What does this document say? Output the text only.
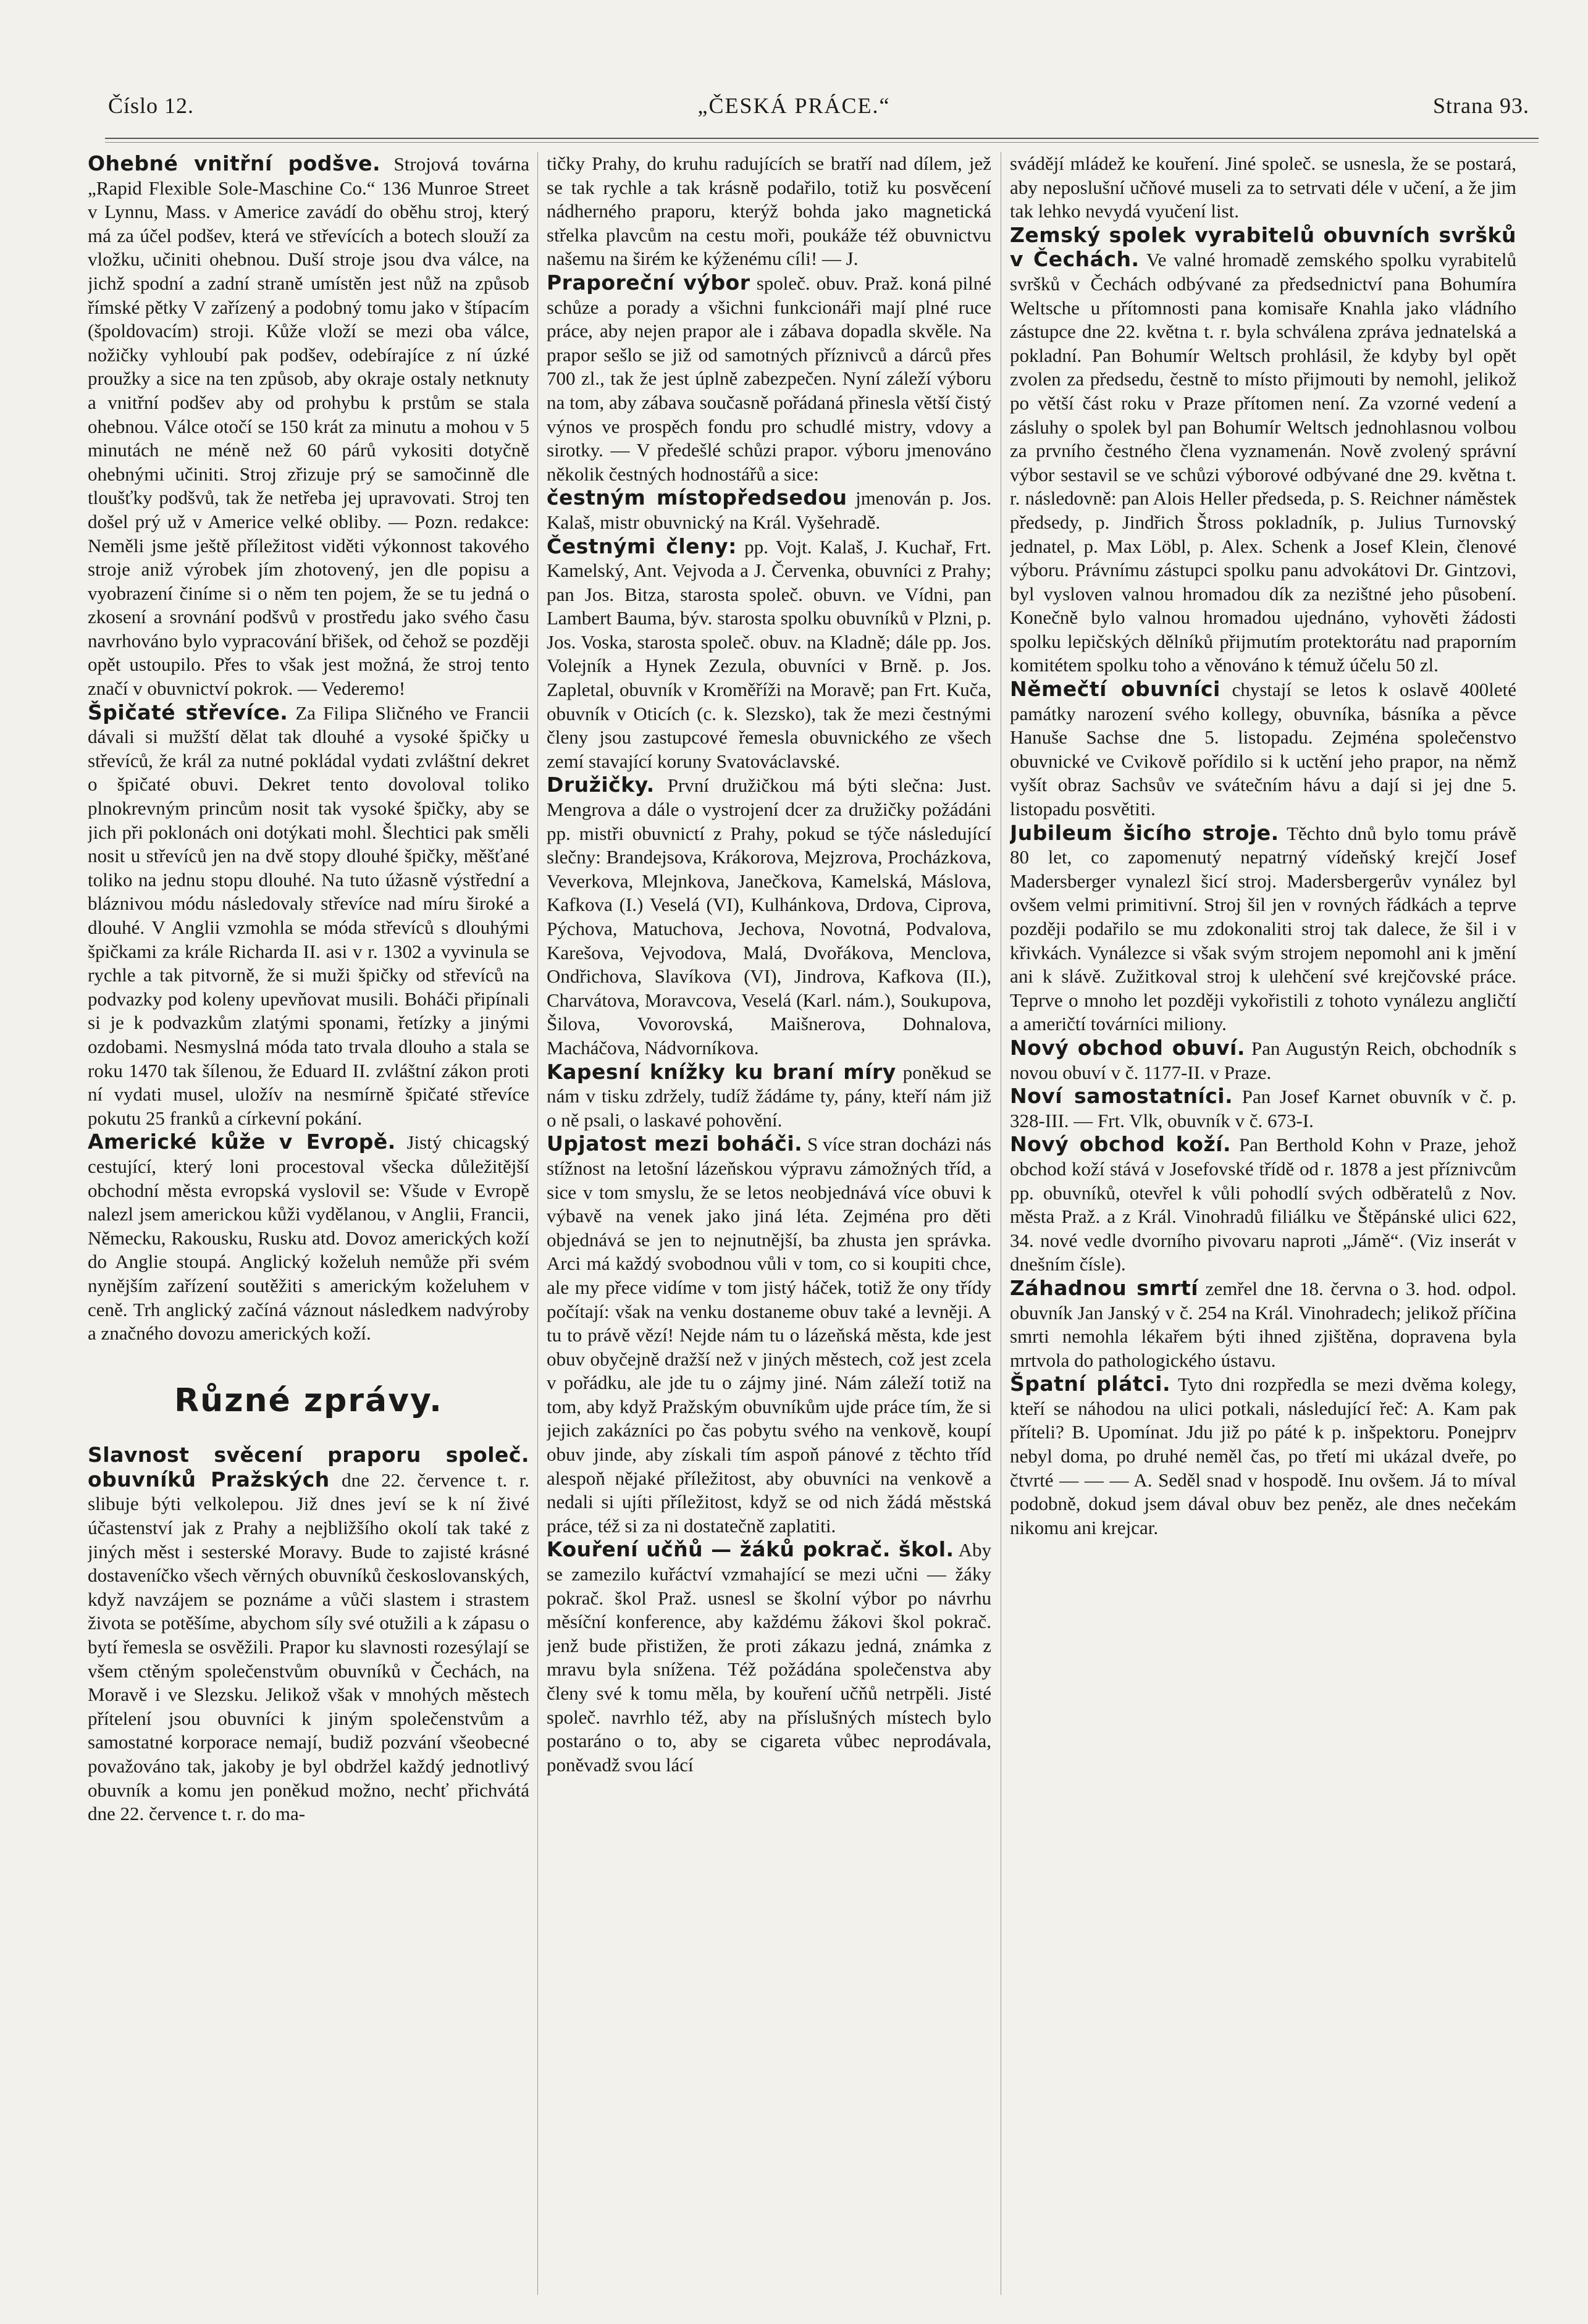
Číslo 12.	„ČESKÁ PRÁCE.“	Strana 93.

Ohebné vnitřní podšve. Strojová továrna „Rapid Flexible Sole-Maschine Co.“ 136 Munroe Street v Lynnu, Mass. v Americe zavádí do oběhu stroj, který má za účel podšev, která ve střevících a botech slouží za vložku, učiniti ohebnou. Duší stroje jsou dva válce, na jichž spodní a zadní straně umístěn jest nůž na způsob římské pětky V zařízený a podobný tomu jako v štípacím (špoldovacím) stroji. Kůže vloží se mezi oba válce, nožičky vyhloubí pak podšev, odebírajíce z ní úzké proužky a sice na ten způsob, aby okraje ostaly netknuty a vnitřní podšev aby od prohybu k prstům se stala ohebnou. Válce otočí se 150 krát za minutu a mohou v 5 minutách ne méně než 60 párů vykositi dotyčně ohebnými učiniti. Stroj zřizuje prý se samočinně dle tloušťky podšvů, tak že netřeba jej upravovati. Stroj ten došel prý už v Americe velké obliby. — Pozn. redakce: Neměli jsme ještě příležitost viděti výkonnost takového stroje aniž výrobek jím zhotovený, jen dle popisu a vyobrazení činíme si o něm ten pojem, že se tu jedná o zkosení a srovnání podšvů v prostředu jako svého času navrhováno bylo vypracování břišek, od čehož se později opět ustoupilo. Přes to však jest možná, že stroj tento značí v obuvnictví pokrok. — Vederemo!

Špičaté střevíce. Za Filipa Sličného ve Francii dávali si mužští dělat tak dlouhé a vysoké špičky u střevíců, že král za nutné pokládal vydati zvláštní dekret o špičaté obuvi. Dekret tento dovoloval toliko plnokrevným princům nosit tak vysoké špičky, aby se jich při poklonách oni dotýkati mohl. Šlechtici pak směli nosit u střevíců jen na dvě stopy dlouhé špičky, měšťané toliko na jednu stopu dlouhé. Na tuto úžasně výstřední a bláznivou módu následovaly střevíce nad míru široké a dlouhé. V Anglii vzmohla se móda střevíců s dlouhými špičkami za krále Richarda II. asi v r. 1302 a vyvinula se rychle a tak pitvorně, že si muži špičky od střevíců na podvazky pod koleny upevňovat musili. Boháči připínali si je k podvazkům zlatými sponami, řetízky a jinými ozdobami. Nesmyslná móda tato trvala dlouho a stala se roku 1470 tak šílenou, že Eduard II. zvláštní zákon proti ní vydati musel, uložív na nesmírně špičaté střevíce pokutu 25 franků a církevní pokání.

Americké kůže v Evropě. Jistý chicagský cestující, který loni procestoval všecka důležitější obchodní města evropská vyslovil se: Všude v Evropě nalezl jsem americkou kůži vydělanou, v Anglii, Francii, Německu, Rakousku, Rusku atd. Dovoz amerických koží do Anglie stoupá. Anglický koželuh nemůže při svém nynějším zařízení soutěžiti s americkým koželuhem v ceně. Trh anglický začíná váznout následkem nadvýroby a značného dovozu amerických koží.

Různé zprávy.

Slavnost svěcení praporu společ. obuvníků Pražských dne 22. července t. r. slibuje býti velkolepou. Již dnes jeví se k ní živé účastenství jak z Prahy a nejbližšího okolí tak také z jiných měst i sesterské Moravy. Bude to zajisté krásné dostaveníčko všech věrných obuvníků českoslovanských, když navzájem se poznáme a vůči slastem i strastem života se potěšíme, abychom síly své otužili a k zápasu o bytí řemesla se osvěžili. Prapor ku slavnosti rozesýlají se všem ctěným společenstvům obuvníků v Čechách, na Moravě i ve Slezsku. Jelikož však v mnohých městech přítelení jsou obuvníci k jiným společenstvům a samostatné korporace nemají, budiž pozvání všeobecné považováno tak, jakoby je byl obdržel každý jednotlivý obuvník a komu jen poněkud možno, nechť přichvátá dne 22. července t. r. do ma-

tičky Prahy, do kruhu radujících se bratří nad dílem, jež se tak rychle a tak krásně podařilo, totiž ku posvěcení nádherného praporu, kterýž bohda jako magnetická střelka plavcům na cestu moři, poukáže též obuvnictvu našemu na širém ke kýženému cíli! — J.

Praporeční výbor společ. obuv. Praž. koná pilné schůze a porady a všichni funkcionáři mají plné ruce práce, aby nejen prapor ale i zábava dopadla skvěle. Na prapor sešlo se již od samotných příznivců a dárců přes 700 zl., tak že jest úplně zabezpečen. Nyní záleží výboru na tom, aby zábava současně pořádaná přinesla větší čistý výnos ve prospěch fondu pro schudlé mistry, vdovy a sirotky. — V předešlé schůzi prapor. výboru jmenováno několik čestných hodnostářů a sice:

čestným místopředsedou jmenován p. Jos. Kalaš, mistr obuvnický na Král. Vyšehradě.

Čestnými členy: pp. Vojt. Kalaš, J. Kuchař, Frt. Kamelský, Ant. Vejvoda a J. Červenka, obuvníci z Prahy; pan Jos. Bitza, starosta společ. obuvn. ve Vídni, pan Lambert Bauma, býv. starosta spolku obuvníků v Plzni, p. Jos. Voska, starosta společ. obuv. na Kladně; dále pp. Jos. Volejník a Hynek Zezula, obuvníci v Brně. p. Jos. Zapletal, obuvník v Kroměříži na Moravě; pan Frt. Kuča, obuvník v Oticích (c. k. Slezsko), tak že mezi čestnými členy jsou zastupcové řemesla obuvnického ze všech zemí stavající koruny Svatováclavské.

Družičky. První družičkou má býti slečna: Just. Mengrova a dále o vystrojení dcer za družičky požádáni pp. mistři obuvnictí z Prahy, pokud se týče následující slečny: Brandejsova, Krákorova, Mejzrova, Procházkova, Veverkova, Mlejnkova, Janečkova, Kamelská, Máslova, Kafkova (I.) Veselá (VI), Kulhánkova, Drdova, Ciprova, Pýchova, Matuchova, Jechova, Novotná, Podvalova, Karešova, Vejvodova, Malá, Dvořákova, Menclova, Ondřichova, Slavíkova (VI), Jindrova, Kafkova (II.), Charvátova, Moravcova, Veselá (Karl. nám.), Soukupova, Šilova, Vovorovská, Maišnerova, Dohnalova, Macháčova, Nádvorníkova.

Kapesní knížky ku braní míry poněkud se nám v tisku zdržely, tudíž žádáme ty, pány, kteří nám již o ně psali, o laskavé pohovění.

Upjatost mezi boháči. S více stran docházi nás stížnost na letošní lázeňskou výpravu zámožných tříd, a sice v tom smyslu, že se letos neobjednává více obuvi k výbavě na venek jako jiná léta. Zejména pro děti objednává se jen to nejnutnější, ba zhusta jen správka. Arci má každý svobodnou vůli v tom, co si koupiti chce, ale my přece vidíme v tom jistý háček, totiž že ony třídy počítají: však na venku dostaneme obuv také a levněji. A tu to právě vězí! Nejde nám tu o lázeňská města, kde jest obuv obyčejně dražší než v jiných městech, což jest zcela v pořádku, ale jde tu o zájmy jiné. Nám záleží totiž na tom, aby když Pražským obuvníkům ujde práce tím, že si jejich zakázníci po čas pobytu svého na venkově, koupí obuv jinde, aby získali tím aspoň pánové z těchto tříd alespoň nějaké příležitost, aby obuvníci na venkově a nedali si ujíti příležitost, když se od nich žádá městská práce, též si za ni dostatečně zaplatiti.

Kouření učňů — žáků pokrač. škol. Aby se zamezilo kuřáctví vzmahající se mezi učni — žáky pokrač. škol Praž. usnesl se školní výbor po návrhu měsíční konference, aby každému žákovi škol pokrač. jenž bude přistižen, že proti zákazu jedná, známka z mravu byla snížena. Též požádána společenstva aby členy své k tomu měla, by kouření učňů netrpěli. Jisté společ. navrhlo též, aby na příslušných místech bylo postaráno o to, aby se cigareta vůbec neprodávala, poněvadž svou lácí

svádějí mládež ke kouření. Jiné společ. se usnesla, že se postará, aby neposlušní učňové museli za to setrvati déle v učení, a že jim tak lehko nevydá vyučení list.

Zemský spolek vyrabitelů obuvních svršků v Čechách. Ve valné hromadě zemského spolku vyrabitelů svršků v Čechách odbývané za předsednictví pana Bohumíra Weltsche u přítomnosti pana komisaře Knahla jako vládního zástupce dne 22. května t. r. byla schválena zpráva jednatelská a pokladní. Pan Bohumír Weltsch prohlásil, že kdyby byl opět zvolen za předsedu, čestně to místo přijmouti by nemohl, jelikož po větší část roku v Praze přítomen není. Za vzorné vedení a zásluhy o spolek byl pan Bohumír Weltsch jednohlasnou volbou za prvního čestného člena vyznamenán. Nově zvolený správní výbor sestavil se ve schůzi výborové odbývané dne 29. května t. r. následovně: pan Alois Heller předseda, p. S. Reichner náměstek předsedy, p. Jindřich Štross pokladník, p. Julius Turnovský jednatel, p. Max Löbl, p. Alex. Schenk a Josef Klein, členové výboru. Právnímu zástupci spolku panu advokátovi Dr. Gintzovi, byl vysloven valnou hromadou dík za nezištné jeho působení. Konečně bylo valnou hromadou ujednáno, vyhověti žádosti spolku lepičských dělníků přijmutím protektorátu nad praporním komitétem spolku toho a věnováno k témuž účelu 50 zl.

Němečtí obuvníci chystají se letos k oslavě 400leté památky narození svého kollegy, obuvníka, básníka a pěvce Hanuše Sachse dne 5. listopadu. Zejména společenstvo obuvnické ve Cvikově pořídilo si k uctění jeho prapor, na němž vyšít obraz Sachsův ve svátečním hávu a dají si jej dne 5. listopadu posvětiti.

Jubileum šicího stroje. Těchto dnů bylo tomu právě 80 let, co zapomenutý nepatrný vídeňský krejčí Josef Madersberger vynalezl šicí stroj. Madersbergerův vynález byl ovšem velmi primitivní. Stroj šil jen v rovných řádkách a teprve později podařilo se mu zdokonaliti stroj tak dalece, že šil i v křivkách. Vynálezce si však svým strojem nepomohl ani k jmění ani k slávě. Zužitkoval stroj k ulehčení své krejčovské práce. Teprve o mnoho let později vykořistili z tohoto vynálezu angličtí a američtí továrníci miliony.

Nový obchod obuví. Pan Augustýn Reich, obchodník s novou obuví v č. 1177-II. v Praze.

Noví samostatníci. Pan Josef Karnet obuvník v č. p. 328-III. — Frt. Vlk, obuvník v č. 673-I.

Nový obchod koží. Pan Berthold Kohn v Praze, jehož obchod koží stává v Josefovské třídě od r. 1878 a jest příznivcům pp. obuvníků, otevřel k vůli pohodlí svých odběratelů z Nov. města Praž. a z Král. Vinohradů filiálku ve Štěpánské ulici 622, 34. nové vedle dvorního pivovaru naproti „Jámě“. (Viz inserát v dnešním čísle).

Záhadnou smrtí zemřel dne 18. června o 3. hod. odpol. obuvník Jan Janský v č. 254 na Král. Vinohradech; jelikož příčina smrti nemohla lékařem býti ihned zjištěna, dopravena byla mrtvola do pathologického ústavu.

Špatní plátci. Tyto dni rozpředla se mezi dvěma kolegy, kteří se náhodou na ulici potkali, následující řeč: A. Kam pak příteli? B. Upomínat. Jdu již po páté k p. inšpektoru. Ponejprv nebyl doma, po druhé neměl čas, po třetí mi ukázal dveře, po čtvrté — — — A. Seděl snad v hospodě. Inu ovšem. Já to míval podobně, dokud jsem dával obuv bez peněz, ale dnes nečekám nikomu ani krejcar.
